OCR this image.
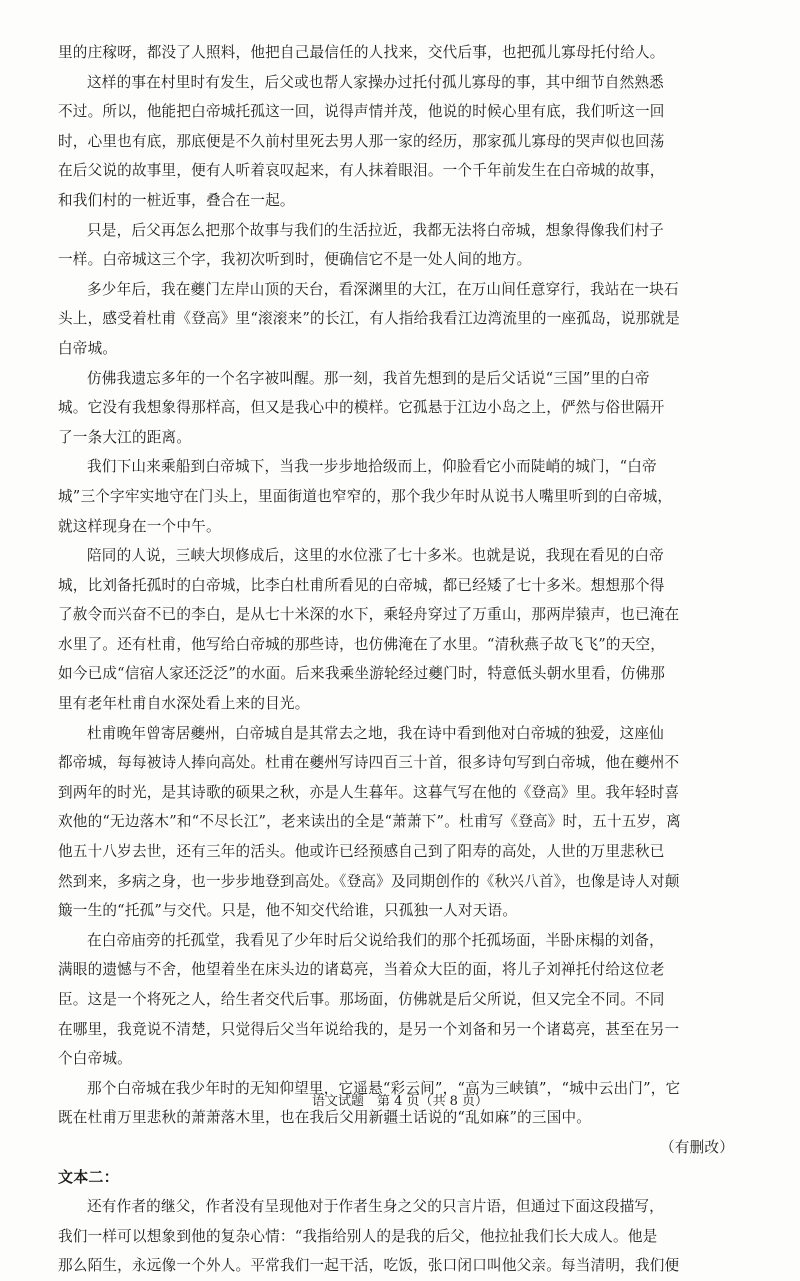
里的庄稼呀，都没了人照料，他把自己最信任的人找来，交代后事，也把孤儿寡母托付给人。
这样的事在村里时有发生，后父或也帮人家操办过托付孤儿寡母的事，其中细节自然熟悉
不过。所以，他能把白帝城托孤这一回，说得声情并茂，他说的时候心里有底，我们听这一回
时，心里也有底，那底便是不久前村里死去男人那一家的经历，那家孤儿寡母的哭声似也回荡
在后父说的故事里，便有人听着哀叹起来，有人抹着眼泪。一个千年前发生在白帝城的故事，
和我们村的一桩近事，叠合在一起。
只是，后父再怎么把那个故事与我们的生活拉近，我都无法将白帝城，想象得像我们村子
一样。白帝城这三个字，我初次听到时，便确信它不是一处人间的地方。
多少年后，我在夔门左岸山顶的天台，看深渊里的大江，在万山间任意穿行，我站在一块石
头上，感受着杜甫《登高》里“滚滚来”的长江，有人指给我看江边湾流里的一座孤岛，说那就是
白帝城。
仿佛我遗忘多年的一个名字被叫醒。那一刻，我首先想到的是后父话说“三国”里的白帝
城。它没有我想象得那样高，但又是我心中的模样。它孤悬于江边小岛之上，俨然与俗世隔开
了一条大江的距离。
我们下山来乘船到白帝城下，当我一步步地拾级而上，仰脸看它小而陡峭的城门，“白帝
城”三个字牢实地守在门头上，里面街道也窄窄的，那个我少年时从说书人嘴里听到的白帝城，
就这样现身在一个中午。
陪同的人说，三峡大坝修成后，这里的水位涨了七十多米。也就是说，我现在看见的白帝
城，比刘备托孤时的白帝城，比李白杜甫所看见的白帝城，都已经矮了七十多米。想想那个得
了赦令而兴奋不已的李白，是从七十米深的水下，乘轻舟穿过了万重山，那两岸猿声，也已淹在
水里了。还有杜甫，他写给白帝城的那些诗，也仿佛淹在了水里。“清秋燕子故飞飞”的天空，
如今已成“信宿人家还泛泛”的水面。后来我乘坐游轮经过夔门时，特意低头朝水里看，仿佛那
里有老年杜甫自水深处看上来的目光。
杜甫晚年曾寄居夔州，白帝城自是其常去之地，我在诗中看到他对白帝城的独爱，这座仙
都帝城，每每被诗人捧向高处。杜甫在夔州写诗四百三十首，很多诗句写到白帝城，他在夔州不
到两年的时光，是其诗歌的硕果之秋，亦是人生暮年。这暮气写在他的《登高》里。我年轻时喜
欢他的“无边落木”和“不尽长江”，老来读出的全是“萧萧下”。杜甫写《登高》时，五十五岁，离
他五十八岁去世，还有三年的活头。他或许已经预感自己到了阳寿的高处，人世的万里悲秋已
然到来，多病之身，也一步步地登到高处。《登高》及同期创作的《秋兴八首》，也像是诗人对颠
簸一生的“托孤”与交代。只是，他不知交代给谁，只孤独一人对天语。
在白帝庙旁的托孤堂，我看见了少年时后父说给我们的那个托孤场面，半卧床榻的刘备，
满眼的遗憾与不舍，他望着坐在床头边的诸葛亮，当着众大臣的面，将儿子刘禅托付给这位老
臣。这是一个将死之人，给生者交代后事。那场面，仿佛就是后父所说，但又完全不同。不同
在哪里，我竟说不清楚，只觉得后父当年说给我的，是另一个刘备和另一个诸葛亮，甚至在另一
个白帝城。
那个白帝城在我少年时的无知仰望里，它遥悬“彩云间”，“高为三峡镇”，“城中云出门”，它
既在杜甫万里悲秋的萧萧落木里，也在我后父用新疆土话说的“乱如麻”的三国中。
（有删改）
文本二：
还有作者的继父，作者没有呈现他对于作者生身之父的只言片语，但通过下面这段描写，
我们一样可以想象到他的复杂心情：“我指给别人的是我的后父，他拉扯我们长大成人。他是
那么陌生，永远像一个外人。平常我们一起干活，吃饭，张口闭口叫他父亲。每当清明，我们便
语文试题　第 4 页（共 8 页）
